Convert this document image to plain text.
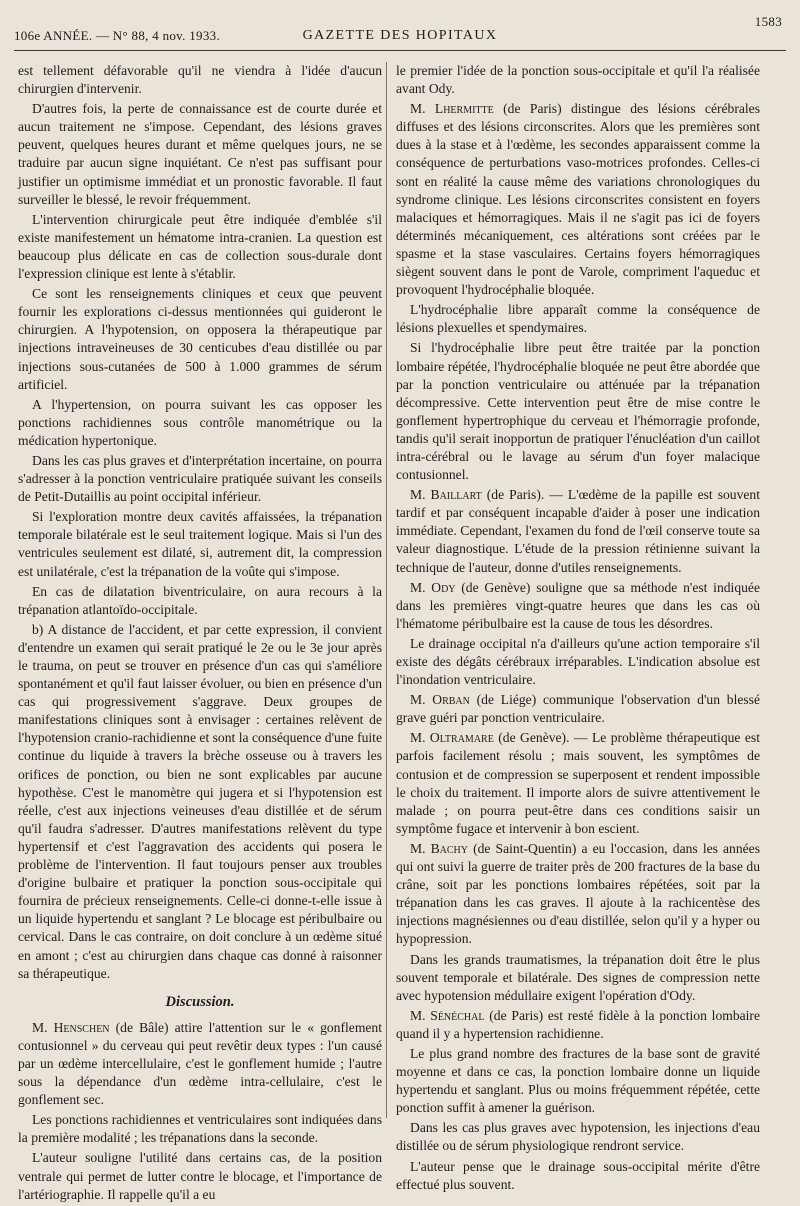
106e ANNÉE. — N° 88, 4 nov. 1933.	GAZETTE DES HOPITAUX
1583

est tellement défavorable qu'il ne viendra à l'idée d'aucun chirurgien d'intervenir.

D'autres fois, la perte de connaissance est de courte durée et aucun traitement ne s'impose. Cependant, des lésions graves peuvent, quelques heures durant et même quelques jours, ne se traduire par aucun signe inquiétant. Ce n'est pas suffisant pour justifier un optimisme immédiat et un pronostic favorable. Il faut surveiller le blessé, le revoir fréquemment.

L'intervention chirurgicale peut être indiquée d'emblée s'il existe manifestement un hématome intra-cranien. La question est beaucoup plus délicate en cas de collection sous-durale dont l'expression clinique est lente à s'établir.

Ce sont les renseignements cliniques et ceux que peuvent fournir les explorations ci-dessus mentionnées qui guideront le chirurgien. A l'hypotension, on opposera la thérapeutique par injections intraveineuses de 30 centicubes d'eau distillée ou par injections sous-cutanées de 500 à 1.000 grammes de sérum artificiel.

A l'hypertension, on pourra suivant les cas opposer les ponctions rachidiennes sous contrôle manométrique ou la médication hypertonique.

Dans les cas plus graves et d'interprétation incertaine, on pourra s'adresser à la ponction ventriculaire pratiquée suivant les conseils de Petit-Dutaillis au point occipital inférieur.

Si l'exploration montre deux cavités affaissées, la trépanation temporale bilatérale est le seul traitement logique. Mais si l'un des ventricules seulement est dilaté, si, autrement dit, la compression est unilatérale, c'est la trépanation de la voûte qui s'impose.

En cas de dilatation biventriculaire, on aura recours à la trépanation atlantoïdo-occipitale.

b) A distance de l'accident, et par cette expression, il convient d'entendre un examen qui serait pratiqué le 2e ou le 3e jour après le trauma, on peut se trouver en présence d'un cas qui s'améliore spontanément et qu'il faut laisser évoluer, ou bien en présence d'un cas qui progressivement s'aggrave. Deux groupes de manifestations cliniques sont à envisager : certaines relèvent de l'hypotension cranio-rachidienne et sont la conséquence d'une fuite continue du liquide à travers la brèche osseuse ou à travers les orifices de ponction, ou bien ne sont explicables par aucune hypothèse. C'est le manomètre qui jugera et si l'hypotension est réelle, c'est aux injections veineuses d'eau distillée et de sérum qu'il faudra s'adresser. D'autres manifestations relèvent du type hypertensif et c'est l'aggravation des accidents qui posera le problème de l'intervention. Il faut toujours penser aux troubles d'origine bulbaire et pratiquer la ponction sous-occipitale qui fournira de précieux renseignements. Celle-ci donne-t-elle issue à un liquide hypertendu et sanglant ? Le blocage est péribulbaire ou cervical. Dans le cas contraire, on doit conclure à un œdème situé en amont ; c'est au chirurgien dans chaque cas donné à raisonner sa thérapeutique.

Discussion.

M. Henschen (de Bâle) attire l'attention sur le « gonflement contusionnel » du cerveau qui peut revêtir deux types : l'un causé par un œdème intercellulaire, c'est le gonflement humide ; l'autre sous la dépendance d'un œdème intra-cellulaire, c'est le gonflement sec.

Les ponctions rachidiennes et ventriculaires sont indiquées dans la première modalité ; les trépanations dans la seconde.

L'auteur souligne l'utilité dans certains cas, de la position ventrale qui permet de lutter contre le blocage, et l'importance de l'artériographie. Il rappelle qu'il a eu

le premier l'idée de la ponction sous-occipitale et qu'il l'a réalisée avant Ody.

M. Lhermitte (de Paris) distingue des lésions cérébrales diffuses et des lésions circonscrites. Alors que les premières sont dues à la stase et à l'œdème, les secondes apparaissent comme la conséquence de perturbations vaso-motrices profondes. Celles-ci sont en réalité la cause même des variations chronologiques du syndrome clinique. Les lésions circonscrites consistent en foyers malaciques et hémorragiques. Mais il ne s'agit pas ici de foyers déterminés mécaniquement, ces altérations sont créées par le spasme et la stase vasculaires. Certains foyers hémorragiques siègent souvent dans le pont de Varole, compriment l'aqueduc et provoquent l'hydrocéphalie bloquée.

L'hydrocéphalie libre apparaît comme la conséquence de lésions plexuelles et spendymaires.

Si l'hydrocéphalie libre peut être traitée par la ponction lombaire répétée, l'hydrocéphalie bloquée ne peut être abordée que par la ponction ventriculaire ou atténuée par la trépanation décompressive. Cette intervention peut être de mise contre le gonflement hypertrophique du cerveau et l'hémorragie profonde, tandis qu'il serait inopportun de pratiquer l'énucléation d'un caillot intra-cérébral ou le lavage au sérum d'un foyer malacique contusionnel.

M. Baillart (de Paris). — L'œdème de la papille est souvent tardif et par conséquent incapable d'aider à poser une indication immédiate. Cependant, l'examen du fond de l'œil conserve toute sa valeur diagnostique. L'étude de la pression rétinienne suivant la technique de l'auteur, donne d'utiles renseignements.

M. Ody (de Genève) souligne que sa méthode n'est indiquée dans les premières vingt-quatre heures que dans les cas où l'hématome péribulbaire est la cause de tous les désordres.

Le drainage occipital n'a d'ailleurs qu'une action temporaire s'il existe des dégâts cérébraux irréparables. L'indication absolue est l'inondation ventriculaire.

M. Orban (de Liége) communique l'observation d'un blessé grave guéri par ponction ventriculaire.

M. Oltramare (de Genève). — Le problème thérapeutique est parfois facilement résolu ; mais souvent, les symptômes de contusion et de compression se superposent et rendent impossible le choix du traitement. Il importe alors de suivre attentivement le malade ; on pourra peut-être dans ces conditions saisir un symptôme fugace et intervenir à bon escient.

M. Bachy (de Saint-Quentin) a eu l'occasion, dans les années qui ont suivi la guerre de traiter près de 200 fractures de la base du crâne, soit par les ponctions lombaires répétées, soit par la trépanation dans les cas graves. Il ajoute à la rachicentèse des injections magnésiennes ou d'eau distillée, selon qu'il y a hyper ou hypopression.

Dans les grands traumatismes, la trépanation doit être le plus souvent temporale et bilatérale. Des signes de compression nette avec hypotension médullaire exigent l'opération d'Ody.

M. Sénéchal (de Paris) est resté fidèle à la ponction lombaire quand il y a hypertension rachidienne.

Le plus grand nombre des fractures de la base sont de gravité moyenne et dans ce cas, la ponction lombaire donne un liquide hypertendu et sanglant. Plus ou moins fréquemment répétée, cette ponction suffit à amener la guérison.

Dans les cas plus graves avec hypotension, les injections d'eau distillée ou de sérum physiologique rendront service.

L'auteur pense que le drainage sous-occipital mérite d'être effectué plus souvent.
